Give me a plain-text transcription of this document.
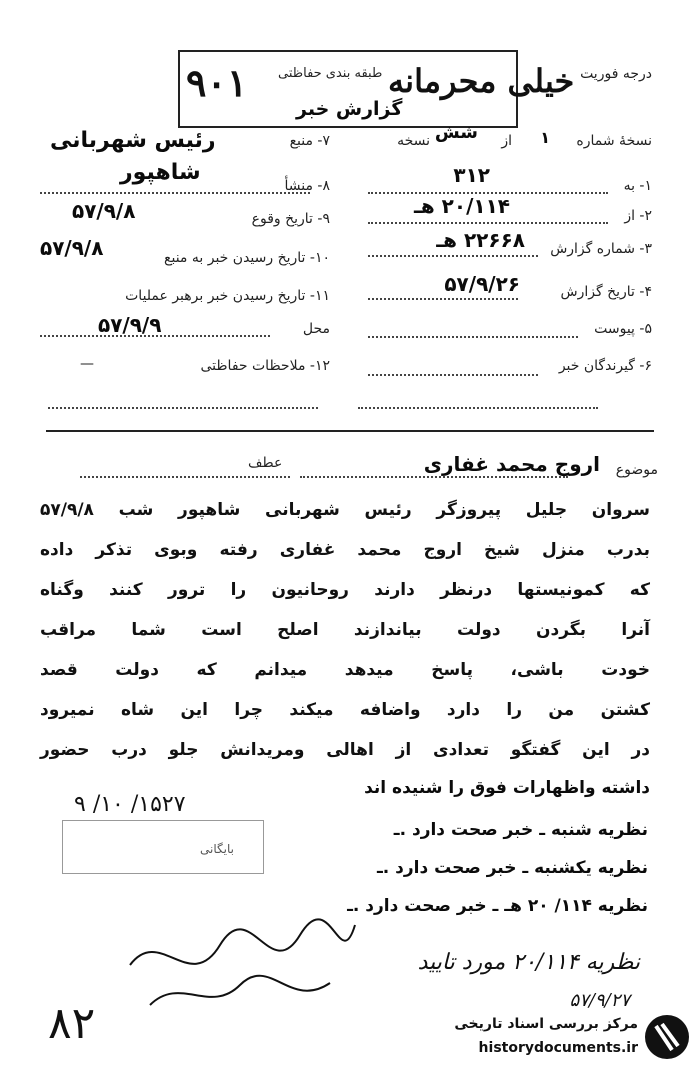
درجه فوریت
طبقه بندی حفاظتی
گزارش خبر
خیلی محرمانه
۹۰۱
نسخهٔ شماره
۱
از
شش
نسخه
۱- به
۳۱۲
۲- از
۲۰/۱۱۴ هـ
۳- شماره گزارش
۲۲۶۶۸ هـ
۴- تاریخ گزارش
۵۷/۹/۲۶
۵- پیوست
۶- گیرندگان خبر
۷- منبع
رئیس شهربانی
۸- منشأ
شاهپور
۹- تاریخ وقوع
۵۷/۹/۸
۱۰- تاریخ رسیدن خبر به منبع
۵۷/۹/۸
۱۱- تاریخ رسیدن خبر برهبر عملیات
محل
۵۷/۹/۹
۱۲- ملاحظات حفاظتی
—
موضوع
اروج محمد غفاری
عطف
سروان جلیل پیروزگر رئیس شهربانی شاهپور شب ۵۷/۹/۸
بدرب منزل شیخ اروج محمد غفاری رفته وبوی تذکر داده
که کمونیستها درنظر دارند روحانیون را ترور کنند وگناه
آنرا بگردن دولت بیاندازند اصلح است شما مراقب
خودت باشی، پاسخ میدهد میدانم که دولت قصد
کشتن من را دارد واضافه میکند چرا این شاه نمیرود
در این گفتگو تعدادی از اهالی ومریدانش جلو درب حضور
داشته واظهارات فوق را شنیده اند
۱۵۲۷/ ۱۰/ ۹
بایگانی
نظریه شنبه ـ خبر صحت دارد .ـ
نظریه یکشنبه ـ خبر صحت دارد .ـ
نظریه ۱۱۴/ ۲۰ هـ ـ خبر صحت دارد .ـ
نظریه ۲۰/۱۱۴ مورد تایید
۵۷/۹/۲۷
۸۲	مرکز بررسی اسناد تاریخی
historydocuments.ir
